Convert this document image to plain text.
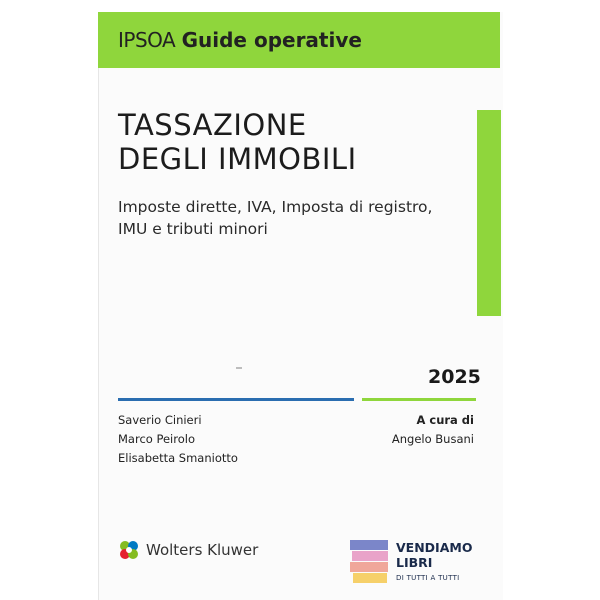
IPSOA Guide operative
TASSAZIONE
DEGLI IMMOBILI
Imposte dirette, IVA, Imposta di registro,
IMU e tributi minori
2025
Saverio Cinieri
Marco Peirolo
Elisabetta Smaniotto
A cura di
Angelo Busani
Wolters Kluwer	VENDIAMO
LIBRI
DI TUTTI A TUTTI
